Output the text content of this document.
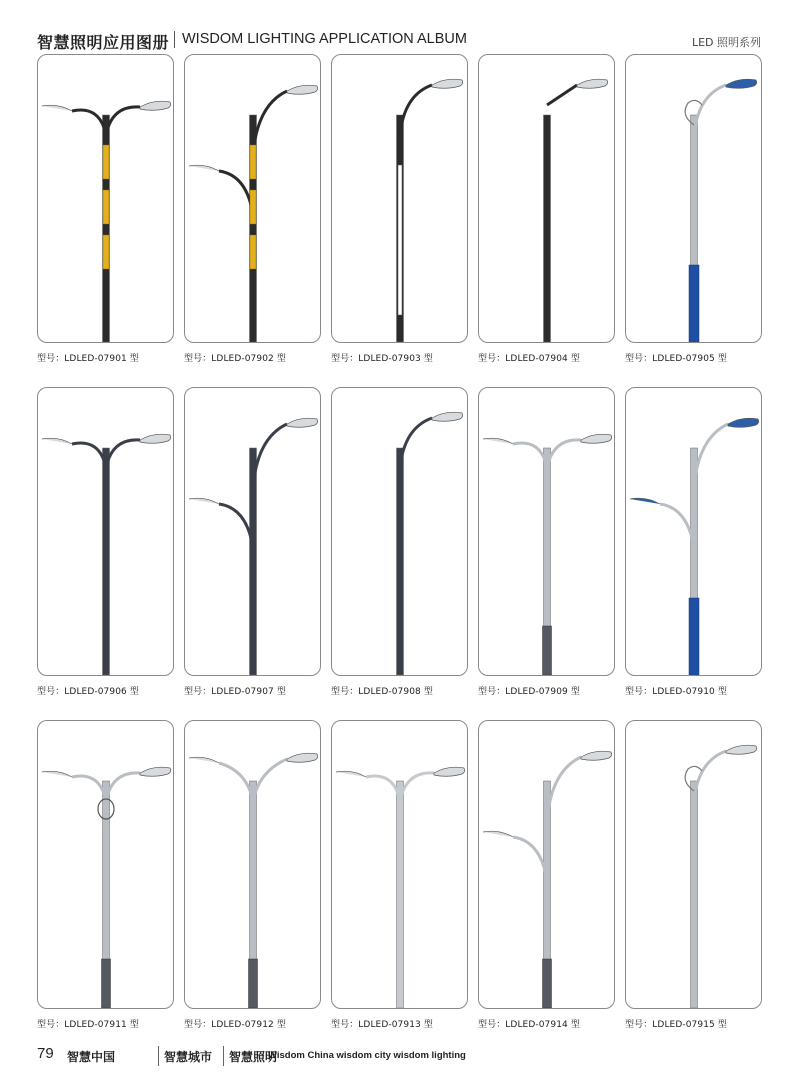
智慧照明应用图册 WISDOM LIGHTING APPLICATION ALBUM	LED 照明系列
型号：LDLED-07901 型	型号：LDLED-07902 型	型号：LDLED-07903 型	型号：LDLED-07904 型	型号：LDLED-07905 型
型号：LDLED-07906 型	型号：LDLED-07907 型	型号：LDLED-07908 型	型号：LDLED-07909 型	型号：LDLED-07910 型
型号：LDLED-07911 型	型号：LDLED-07912 型	型号：LDLED-07913 型	型号：LDLED-07914 型	型号：LDLED-07915 型
79 智慧中国	智慧城市 智慧照明
Wisdom China wisdom city wisdom lighting
